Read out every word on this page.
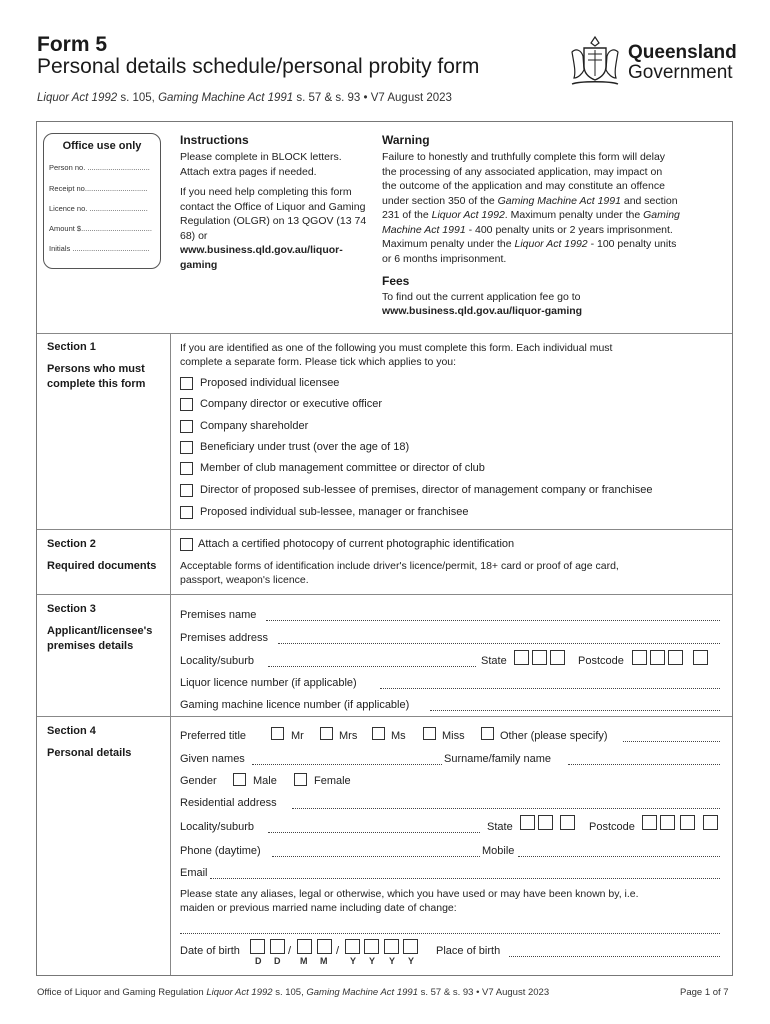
Form 5
Personal details schedule/personal probity form
Liquor Act 1992 s. 105, Gaming Machine Act 1991 s. 57 & s. 93 • V7 August 2023
Queensland
Government
Office use only
Person no. ..............................
Receipt no..............................
Licence no. ............................
Amount $..................................
Initials .....................................
Instructions
Please complete in BLOCK letters. Attach extra pages if needed.
If you need help completing this form contact the Office of Liquor and Gaming Regulation (OLGR) on 13 QGOV (13 74 68) or
www.business.qld.gov.au/liquor-gaming
Warning
Failure to honestly and truthfully complete this form will delay
the processing of any associated application, may impact on
the outcome of the application and may constitute an offence
under section 350 of the Gaming Machine Act 1991 and section
231 of the Liquor Act 1992. Maximum penalty under the Gaming
Machine Act 1991 - 400 penalty units or 2 years imprisonment.
Maximum penalty under the Liquor Act 1992 - 100 penalty units
or 6 months imprisonment.
Fees
To find out the current application fee go to
www.business.qld.gov.au/liquor-gaming
Section 1
Persons who must complete this form
If you are identified as one of the following you must complete this form. Each individual must
complete a separate form. Please tick which applies to you:
Proposed individual licensee
Company director or executive officer
Company shareholder
Beneficiary under trust (over the age of 18)
Member of club management committee or director of club
Director of proposed sub-lessee of premises, director of management company or franchisee
Proposed individual sub-lessee, manager or franchisee
Section 2
Required documents
Attach a certified photocopy of current photographic identification
Acceptable forms of identification include driver's licence/permit, 18+ card or proof of age card,
passport, weapon's licence.
Section 3
Applicant/licensee's premises details
Premises name
Premises address
Locality/suburb	State	Postcode
Liquor licence number (if applicable)
Gaming machine licence number (if applicable)
Section 4
Personal details
Preferred title	Mr	Mrs	Ms	Miss	Other (please specify)
Given names	Surname/family name
Gender	Male	Female
Residential address
Locality/suburb	State	Postcode
Phone (daytime)	Mobile
Email
Please state any aliases, legal or otherwise, which you have used or may have been known by, i.e.
maiden or previous married name including date of change:
Date of birth	/	/
D D M M	Y Y Y Y
Place of birth
Office of Liquor and Gaming Regulation Liquor Act 1992 s. 105, Gaming Machine Act 1991 s. 57 & s. 93 • V7 August 2023	Page 1 of 7
